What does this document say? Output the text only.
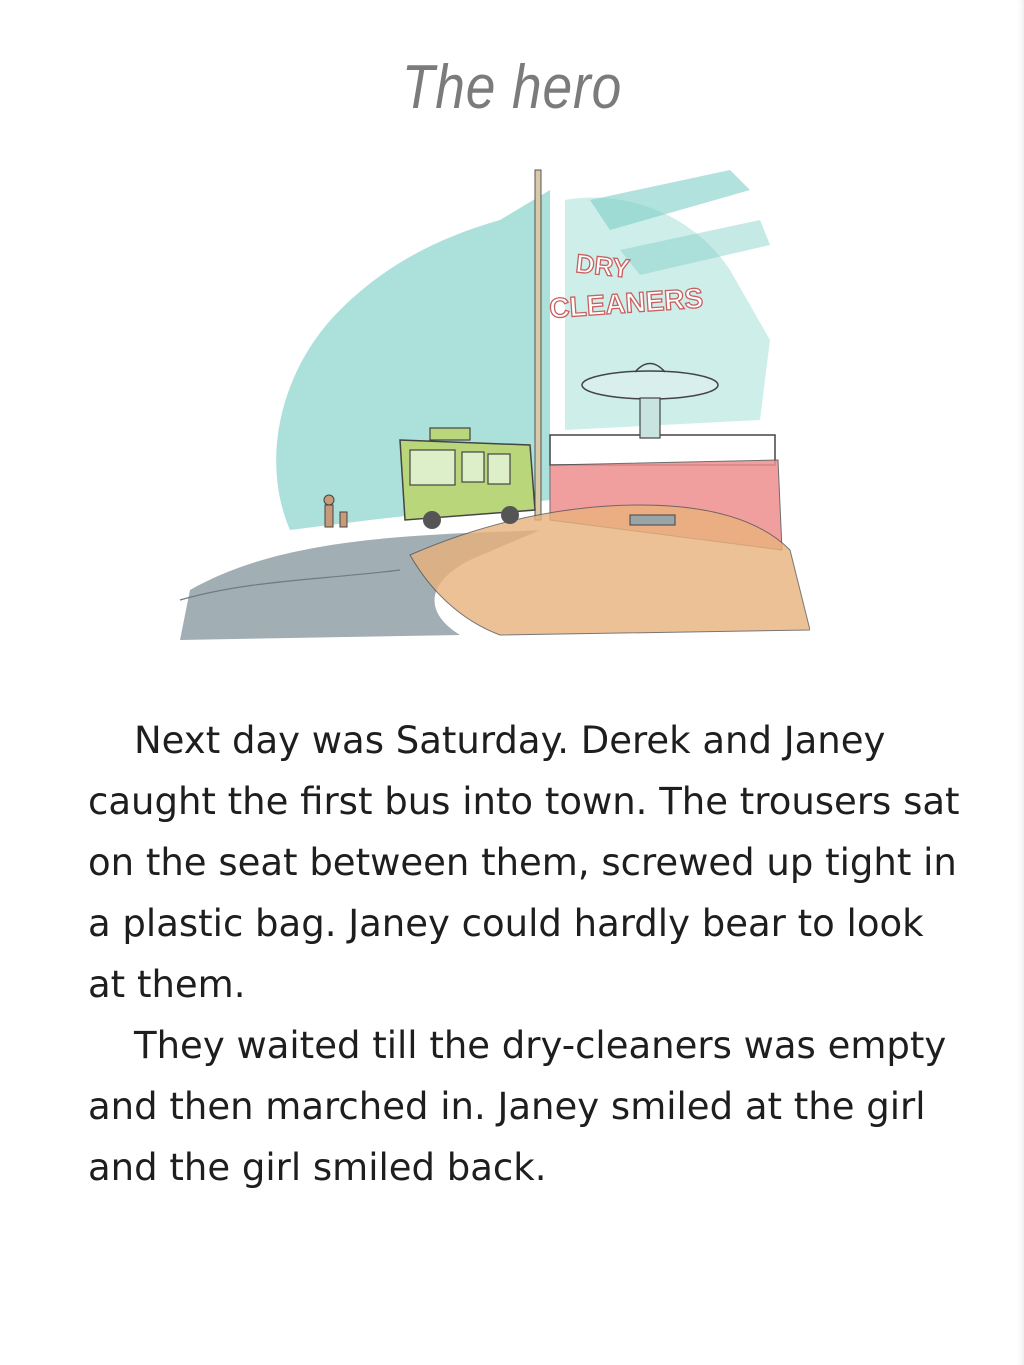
The hero
DRY
CLEANERS

Next day was Saturday. Derek and Janey caught the first bus into town. The trousers sat on the seat between them, screwed up tight in a plastic bag. Janey could hardly bear to look at them.

They waited till the dry-cleaners was empty and then marched in. Janey smiled at the girl and the girl smiled back.
